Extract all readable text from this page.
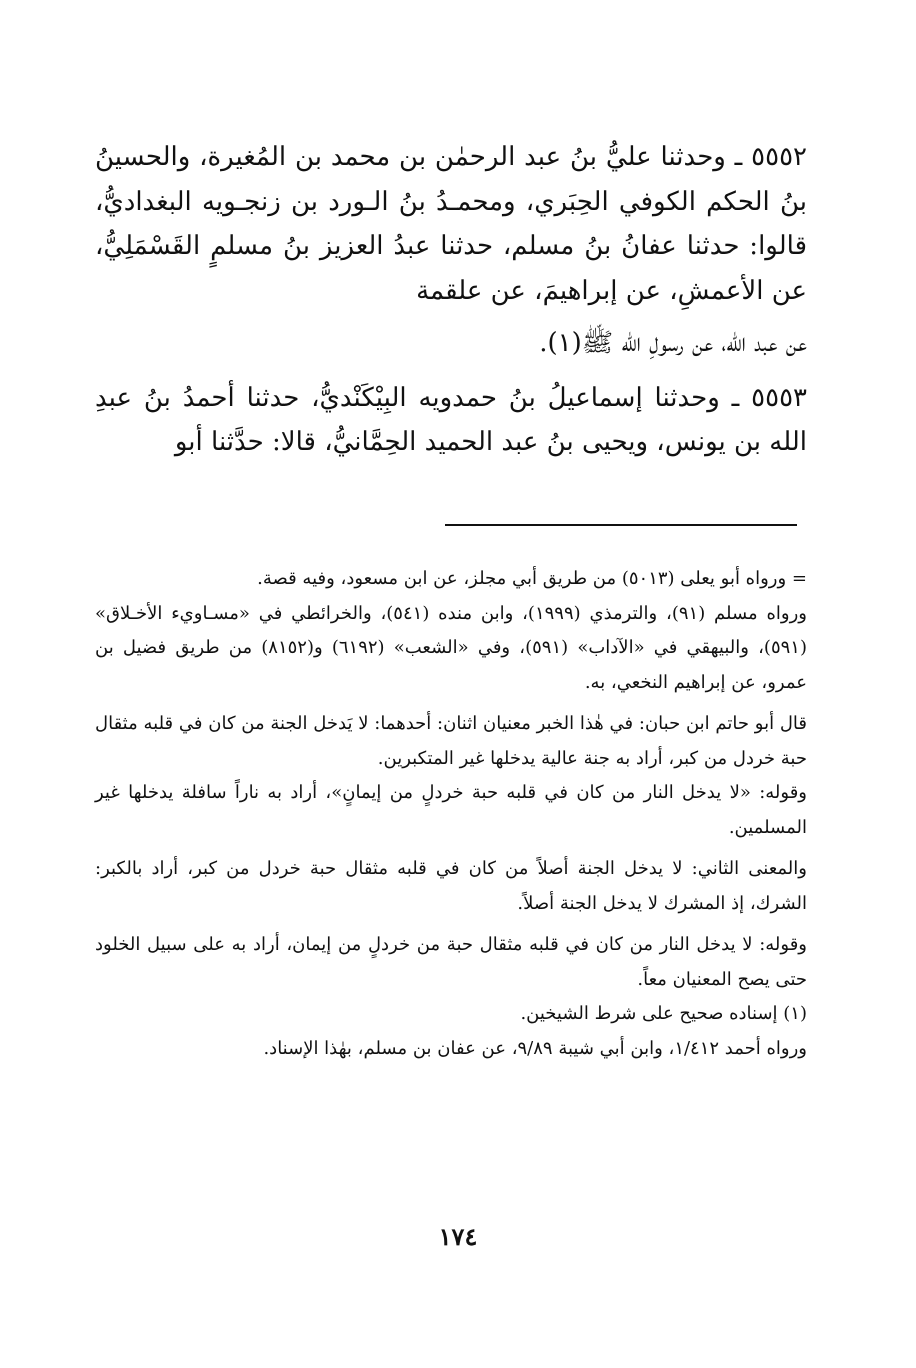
٥٥٥٢ ـ وحدثنا عليُّ بنُ عبد الرحمٰن بن محمد بن المُغيرة، والحسينُ بنُ الحكم الكوفي الحِبَري، ومحمـدُ بنُ الـورد بن زنجـويه البغداديُّ، قالوا: حدثنا عفانُ بنُ مسلم، حدثنا عبدُ العزيز بنُ مسلمٍ القَسْمَلِيُّ، عن الأعمشِ، عن إبراهيمَ، عن علقمة

عن عبد الله، عن رسولِ الله ﷺ(١).

٥٥٥٣ ـ وحدثنا إسماعيلُ بنُ حمدويه البِيْكَنْديُّ، حدثنا أحمدُ بنُ عبدِ الله بن يونس، ويحيى بنُ عبد الحميد الحِمَّانيُّ، قالا: حدَّثنا أبو

= ورواه أبو يعلى (٥٠١٣) من طريق أبي مجلز، عن ابن مسعود، وفيه قصة.

ورواه مسلم (٩١)، والترمذي (١٩٩٩)، وابن منده (٥٤١)، والخرائطي في «مسـاويء الأخـلاق» (٥٩١)، والبيهقي في «الآداب» (٥٩١)، وفي «الشعب» (٦١٩٢) و(٨١٥٢) من طريق فضيل بن عمرو، عن إبراهيم النخعي، به.

قال أبو حاتم ابن حبان: في هٰذا الخبر معنيان اثنان: أحدهما: لا يَدخل الجنة من كان في قلبه مثقال حبة خردل من كبر، أراد به جنة عالية يدخلها غير المتكبرين.

وقوله: «لا يدخل النار من كان في قلبه حبة خردلٍ من إيمانٍ»، أراد به ناراً سافلة يدخلها غير المسلمين.

والمعنى الثاني: لا يدخل الجنة أصلاً من كان في قلبه مثقال حبة خردل من كبر، أراد بالكبر: الشرك، إذ المشرك لا يدخل الجنة أصلاً.

وقوله: لا يدخل النار من كان في قلبه مثقال حبة من خردلٍ من إيمان، أراد به على سبيل الخلود حتى يصح المعنيان معاً.

(١) إسناده صحيح على شرط الشيخين.

ورواه أحمد ١/٤١٢، وابن أبي شيبة ٩/٨٩، عن عفان بن مسلم، بهٰذا الإسناد.

١٧٤
